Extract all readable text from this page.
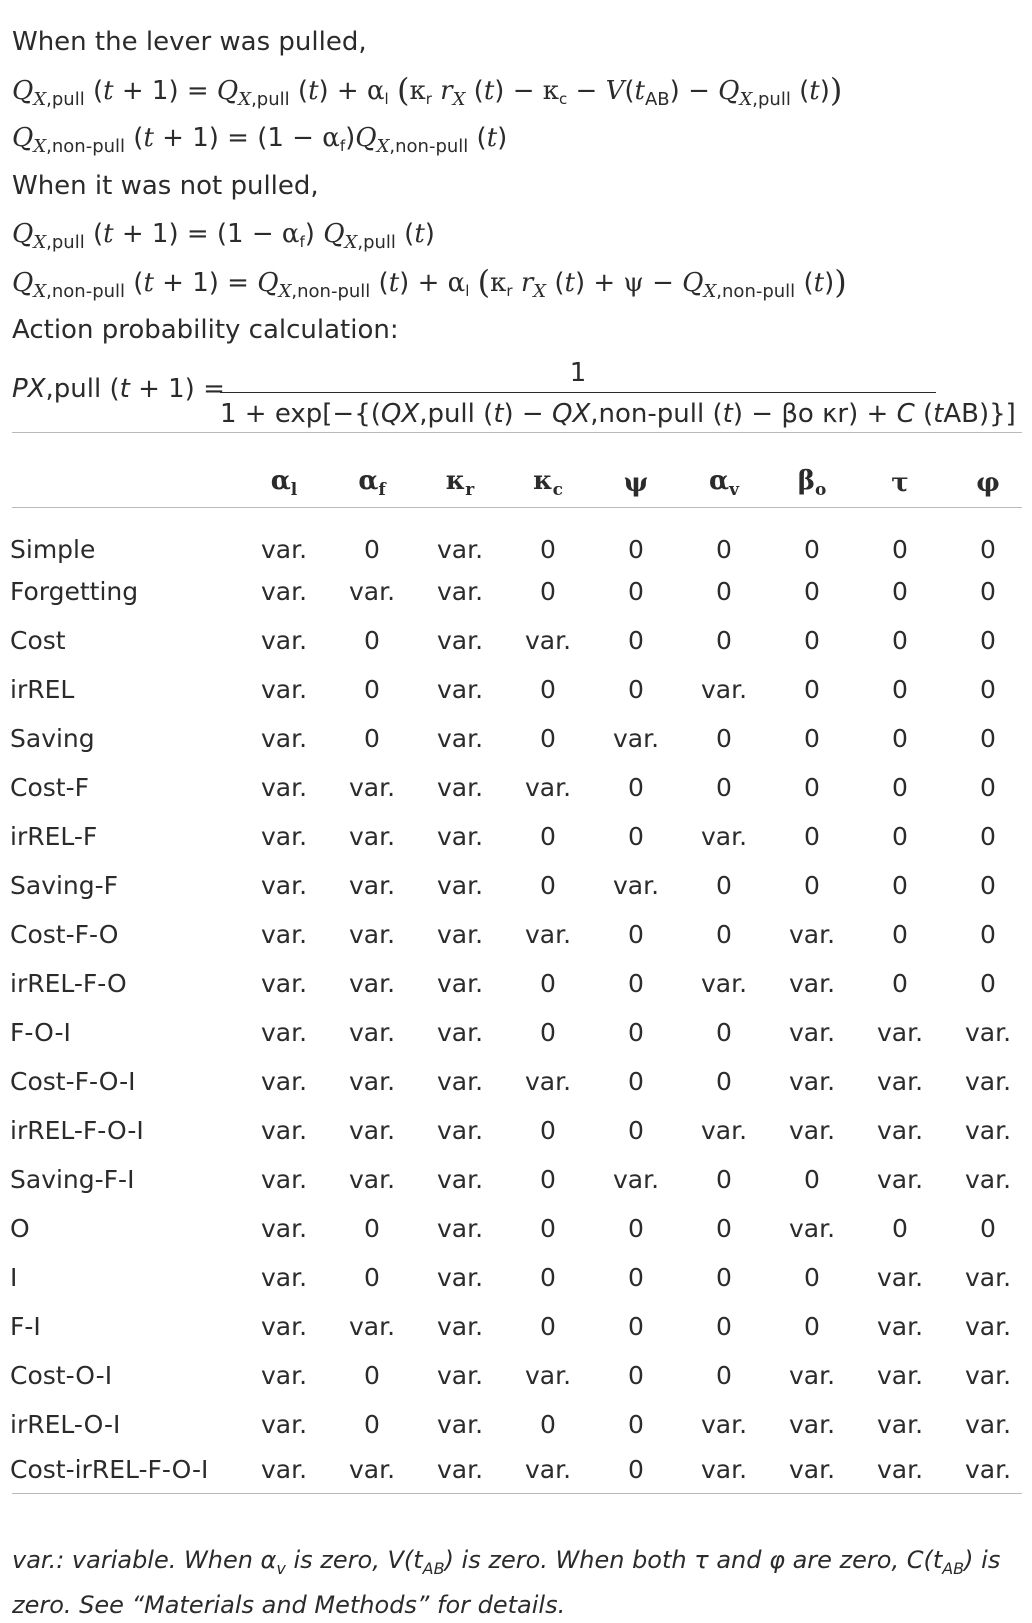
When the lever was pulled,
$Q_{X,pull}$ $(t + 1) = Q_{X,pull}$ (t) + αl (κr $r_X$ $(t) - \kappa c - V(t_{AB}) - Q_{X,pull}$ (t))
$Q_{X,non-pull}$ $(t + 1) = (1 - \alpha f)Q_{X,non-pull}$ (t)
When it was not pulled,
$Q_{X,pull}$ (t + 1) = (1 − αf) $Q_{X,pull}$ (t)
$Q_{X,non-pull}$ $(t + 1) = Q_{X,non-pull}$ (t) + αl (κr $r_X$ $(t) + \psi - Q_{X,non-pull}$ (t))
Action probability calculation:
PX,pull (t + 1) =
1
1 + exp[−{(QX,pull (t) − QX,non-pull (t) − βo κr) + C (tAB)}]
	$\alpha_l$	$\alpha_f$	$\kappa_r$	$\kappa_c$	ψ	$\alpha_v$	$\beta_o$	τ	φ
Simple	var.	0	var.	0	0	0	0	0	0
Forgetting	var.	var.	var.	0	0	0	0	0	0
Cost	var.	0	var.	var.	0	0	0	0	0
irREL	var.	0	var.	0	0	var.	0	0	0
Saving	var.	0	var.	0	var.	0	0	0	0
Cost-F	var.	var.	var.	var.	0	0	0	0	0
irREL-F	var.	var.	var.	0	0	var.	0	0	0
Saving-F	var.	var.	var.	0	var.	0	0	0	0
Cost-F-O	var.	var.	var.	var.	0	0	var.	0	0
irREL-F-O	var.	var.	var.	0	0	var.	var.	0	0
F-O-I	var.	var.	var.	0	0	0	var.	var.	var.
Cost-F-O-I	var.	var.	var.	var.	0	0	var.	var.	var.
irREL-F-O-I	var.	var.	var.	0	0	var.	var.	var.	var.
Saving-F-I	var.	var.	var.	0	var.	0	0	var.	var.
O	var.	0	var.	0	0	0	var.	0	0
I	var.	0	var.	0	0	0	0	var.	var.
F-I	var.	var.	var.	0	0	0	0	var.	var.
Cost-O-I	var.	0	var.	var.	0	0	var.	var.	var.
irREL-O-I	var.	0	var.	0	0	var.	var.	var.	var.
Cost-irREL-F-O-I	var.	var.	var.	var.	0	var.	var.	var.	var.
var.: variable. When $\alpha_v$ is zero, $V(t_{AB})$ is zero. When both τ and φ are zero, $C(t_{AB})$ is zero. See “Materials and Methods” for details.
